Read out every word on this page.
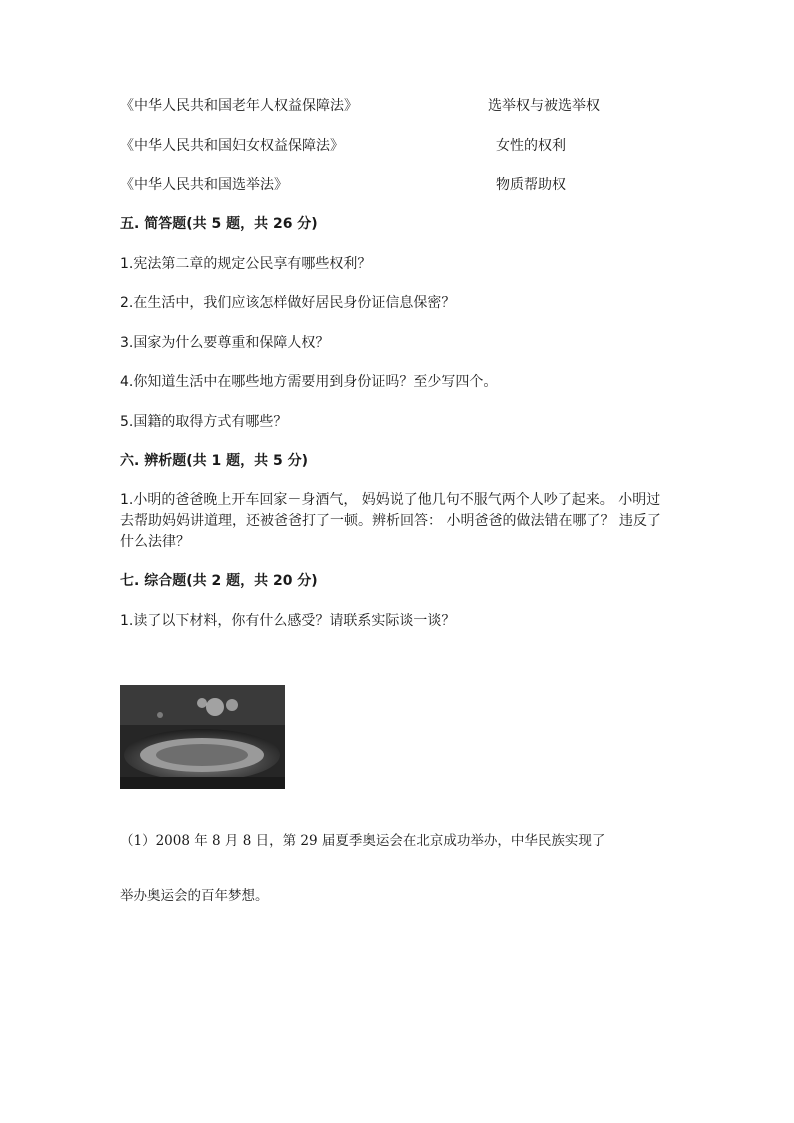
《中华人民共和国老年人权益保障法》	选举权与被选举权
《中华人民共和国妇女权益保障法》	女性的权利
《中华人民共和国选举法》	物质帮助权
五. 简答题(共 5 题，共 26 分)
1.宪法第二章的规定公民享有哪些权利？
2.在生活中，我们应该怎样做好居民身份证信息保密？
3.国家为什么要尊重和保障人权？
4.你知道生活中在哪些地方需要用到身份证吗？至少写四个。
5.国籍的取得方式有哪些？
六. 辨析题(共 1 题，共 5 分)
1.小明的爸爸晚上开车回家－身酒气， 妈妈说了他几句不服气两个人吵了起来。 小明过去帮助妈妈讲道理，还被爸爸打了一顿。辨析回答： 小明爸爸的做法错在哪了？ 违反了什么法律？
七. 综合题(共 2 题，共 20 分)
1.读了以下材料，你有什么感受？请联系实际谈一谈？
（1）2008 年 8 月 8 日，第 29 届夏季奥运会在北京成功举办，中华民族实现了
举办奥运会的百年梦想。
